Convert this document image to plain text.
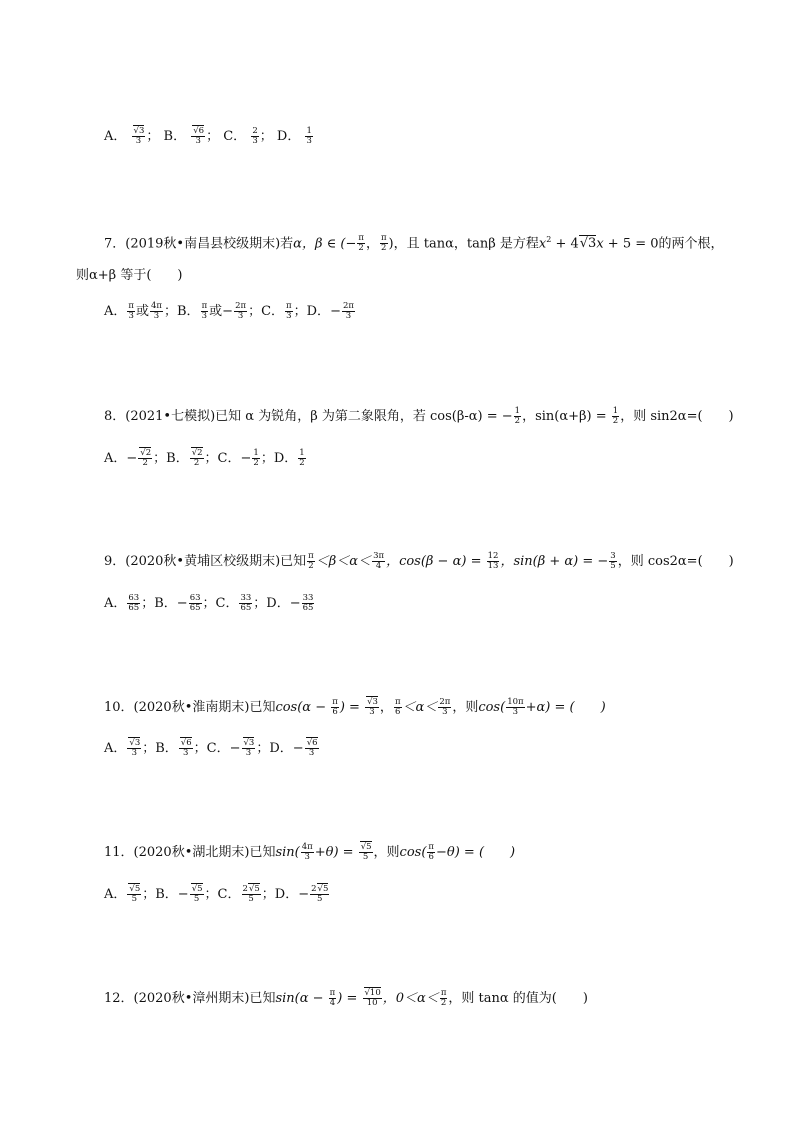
A．
√ $\frac{3}{3}$ ； B．
√ $\frac{6}{3}$ ； C． $\frac{2}{3}$ ； D． $\frac{1}{3}$
7．(2019秋•南昌县校级期末)若α，β ∈ (− $\frac{\pi}{2}$ ， $\frac{\pi}{2}$ )，且 tanα，tanβ 是方程$x^2 + 4√$ 3x + 5 = 0的两个根，
则α+β 等于(　　)
A． $\frac{\pi}{3}$ 或 $\frac{4\pi}{3}$ ；B． $\frac{\pi}{3}$ 或− $\frac{2\pi}{3}$ ；C． $\frac{\pi}{3}$ ；D．− $\frac{2\pi}{3}$
8．(2021•七模拟)已知 α 为锐角，β 为第二象限角，若 cos(β-α) = − $\frac{1}{2}$ ，$\sin(\alpha+\beta) = \frac{1}{2}$ ，则 sin2α=(　　)
A．−
√ $\frac{2}{2}$ ；B．
√ $\frac{2}{2}$ ；C．− $\frac{1}{2}$ ；D． $\frac{1}{2}$
9．(2020秋•黄埔区校级期末)已知 $\frac{\pi}{2} <\beta<\alpha< \frac{3\pi}{4}$ ，$\cos(\beta - \alpha) = \frac{12}{13}$ ，sin(β + α) = − $\frac{3}{5}$ ，则 cos2α=(　　)
A． $\frac{63}{65}$ ；B．− $\frac{63}{65}$ ；C． $\frac{33}{65}$ ；D．− $\frac{33}{65}$
10．(2020秋•淮南期末)已知$\cos(\alpha - \frac{\pi}{6}$ ) =
√ $\frac{3}{3}$ ， $\frac{\pi}{6} <\alpha< \frac{2\pi}{3}$ ，则$\cos( \frac{10\pi}{3} +\alpha)$ = (　　)
A．
√ $\frac{3}{3}$ ；B．
√ $\frac{6}{3}$ ；C．−
√ $\frac{3}{3}$ ；D．−
√ $\frac{6}{3}$
11．(2020秋•湖北期末)已知$\sin( \frac{4\pi}{3} +\theta)$ =
√ $\frac{5}{5}$ ，则$\cos( \frac{\pi}{6} -\theta)$ = (　　)
A．
√ $\frac{5}{5}$ ；B．−
√ $\frac{5}{5}$ ；C． $\frac{2√ 5}{5}$ ；D．− $\frac{2√ 5}{5}$
12．(2020秋•漳州期末)已知$\sin(\alpha - \frac{\pi}{4}$ ) =
√ $\frac{10}{10}$ ，$0<\alpha< \frac{\pi}{2}$ ，则 tanα 的值为(　　)
